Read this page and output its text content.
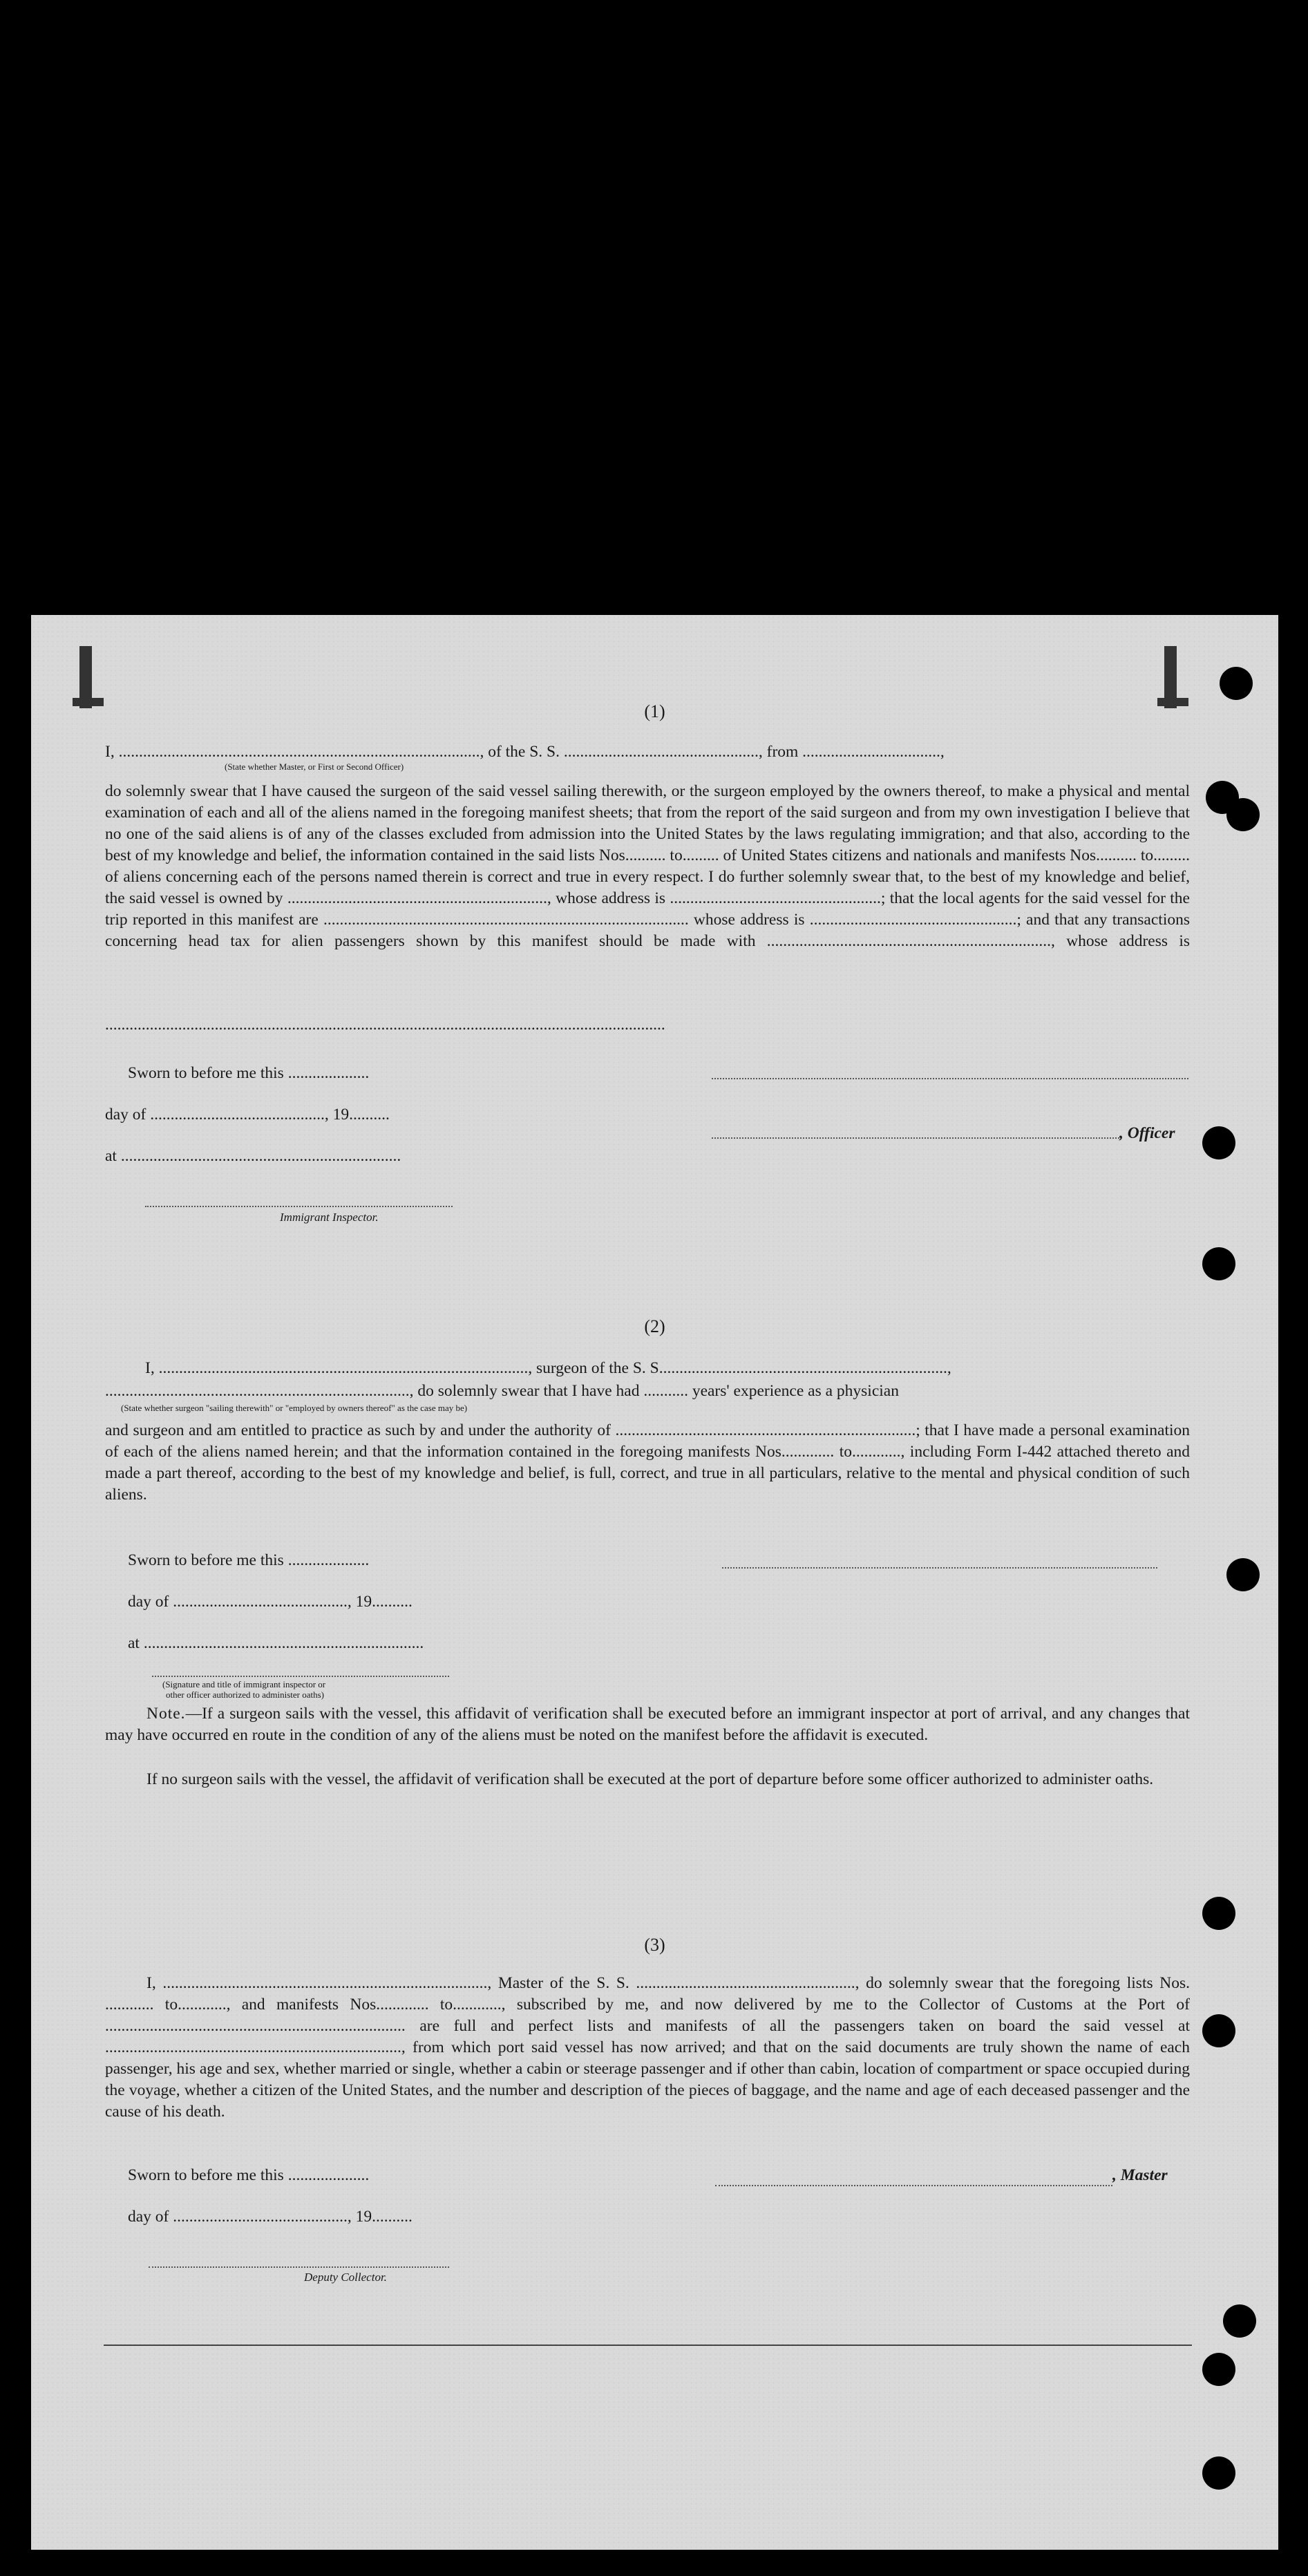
(1)
I, ........................................................................................., of the S. S. ................................................, from ..................................,
(State whether Master, or First or Second Officer)
do solemnly swear that I have caused the surgeon of the said vessel sailing therewith, or the surgeon employed by the owners thereof, to make a physical and mental examination of each and all of the aliens named in the foregoing manifest sheets; that from the report of the said surgeon and from my own investigation I believe that no one of the said aliens is of any of the classes excluded from admission into the United States by the laws regulating immigration; and that also, according to the best of my knowledge and belief, the information contained in the said lists Nos.......... to......... of United States citizens and nationals and manifests Nos.......... to......... of aliens concerning each of the persons named therein is correct and true in every respect. I do further solemnly swear that, to the best of my knowledge and belief, the said vessel is owned by ................................................................, whose address is ....................................................; that the local agents for the said vessel for the trip reported in this manifest are .......................................................................................... whose address is ...................................................; and that any transactions concerning head tax for alien passengers shown by this manifest should be made with ......................................................................, whose address is
..........................................................................................................................................
Sworn to before me this ....................
day of ..........................................., 19..........
, Officer
at .....................................................................
Immigrant Inspector.
(2)
I, ..........................................................................................., surgeon of the S. S.......................................................................,
..........................................................................., do solemnly swear that I have had ........... years' experience as a physician
(State whether surgeon "sailing therewith" or "employed by owners thereof" as the case may be)
and surgeon and am entitled to practice as such by and under the authority of ..........................................................................; that I have made a personal examination of each of the aliens named herein; and that the information contained in the foregoing manifests Nos............. to............, including Form I-442 attached thereto and made a part thereof, according to the best of my knowledge and belief, is full, correct, and true in all particulars, relative to the mental and physical condition of such aliens.
Sworn to before me this ....................
day of ..........................................., 19..........
at .....................................................................
(Signature and title of immigrant inspector or
other officer authorized to administer oaths)
Note.—If a surgeon sails with the vessel, this affidavit of verification shall be executed before an immigrant inspector at port of arrival, and any changes that may have occurred en route in the condition of any of the aliens must be noted on the manifest before the affidavit is executed.
If no surgeon sails with the vessel, the affidavit of verification shall be executed at the port of departure before some officer authorized to administer oaths.
(3)
I, ................................................................................, Master of the S. S. ......................................................, do solemnly swear that the foregoing lists Nos. ............ to............, and manifests Nos............. to............, subscribed by me, and now delivered by me to the Collector of Customs at the Port of .......................................................................... are full and perfect lists and manifests of all the passengers taken on board the said vessel at ........................................................................., from which port said vessel has now arrived; and that on the said documents are truly shown the name of each passenger, his age and sex, whether married or single, whether a cabin or steerage passenger and if other than cabin, location of compartment or space occupied during the voyage, whether a citizen of the United States, and the number and description of the pieces of baggage, and the name and age of each deceased passenger and the cause of his death.
Sworn to before me this ....................	, Master
day of ..........................................., 19..........
Deputy Collector.
